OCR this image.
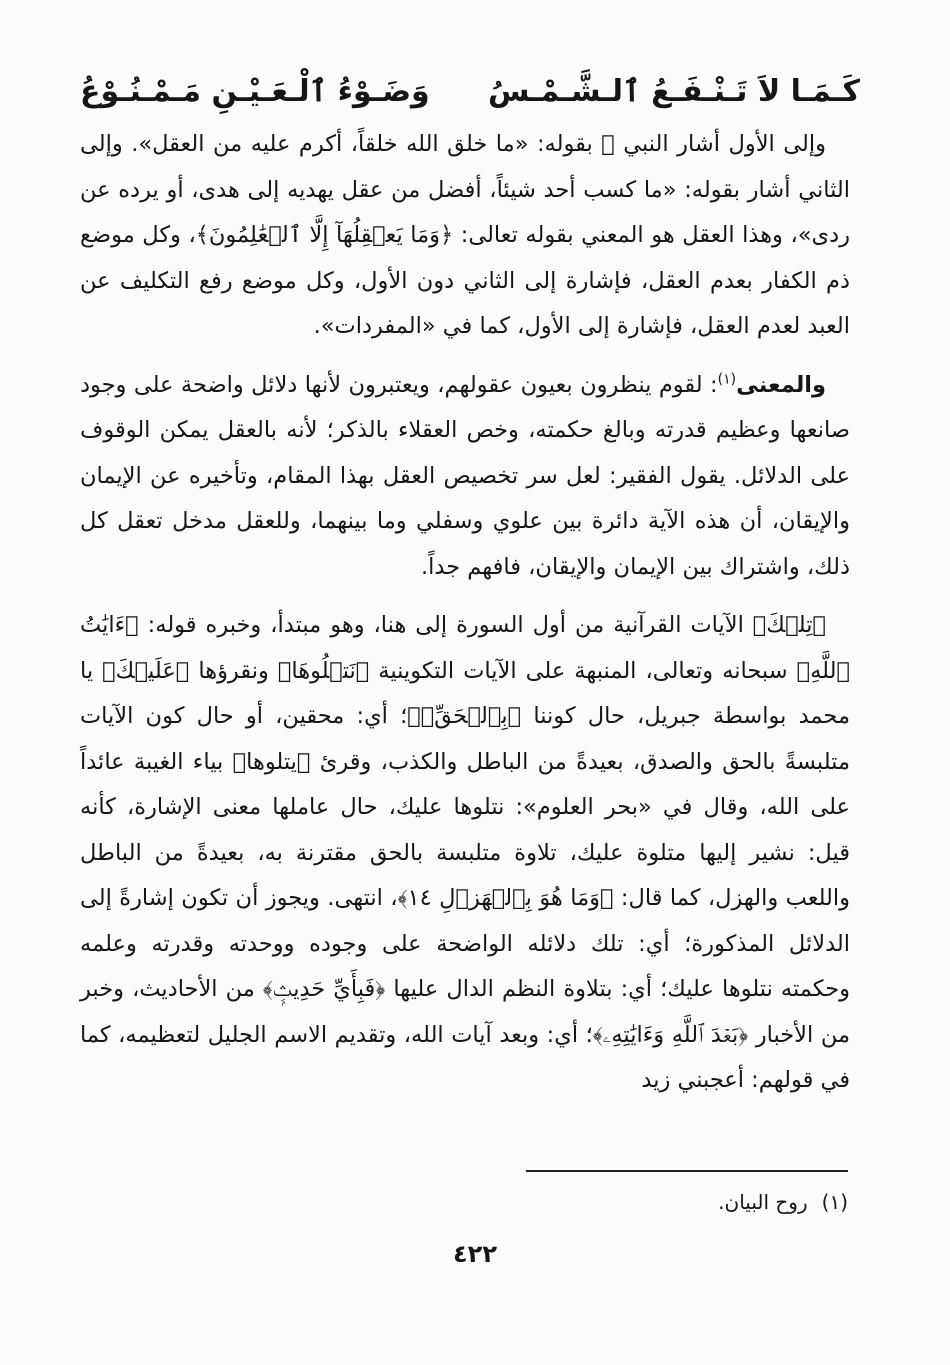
كَـمَـا لاَ تَـنْـفَـعُ ٱلـشَّـمْـسُ
وَضَـوْءُ ٱلْـعَـيْـنِ مَـمْـنُـوْعُ

وإلى الأول أشار النبي ﷺ بقوله: «ما خلق الله خلقاً، أكرم عليه من العقل». وإلى الثاني أشار بقوله: «ما كسب أحد شيئاً، أفضل من عقل يهديه إلى هدى، أو يرده عن ردى»، وهذا العقل هو المعني بقوله تعالى: ﴿وَمَا يَعۡقِلُهَآ إِلَّا ٱلۡعَٰلِمُونَ﴾، وكل موضع ذم الكفار بعدم العقل، فإشارة إلى الثاني دون الأول، وكل موضع رفع التكليف عن العبد لعدم العقل، فإشارة إلى الأول، كما في «المفردات».

والمعنى$^{(١)}$: لقوم ينظرون بعيون عقولهم، ويعتبرون لأنها دلائل واضحة على وجود صانعها وعظيم قدرته وبالغ حكمته، وخص العقلاء بالذكر؛ لأنه بالعقل يمكن الوقوف على الدلائل. يقول الفقير: لعل سر تخصيص العقل بهذا المقام، وتأخيره عن الإيمان والإيقان، أن هذه الآية دائرة بين علوي وسفلي وما بينهما، وللعقل مدخل تعقل كل ذلك، واشتراك بين الإيمان والإيقان، فافهم جداً.

﴿تِلۡكَ﴾ الآيات القرآنية من أول السورة إلى هنا، وهو مبتدأ، وخبره قوله: ﴿ءَايَٰتُ ٱللَّهِ﴾ سبحانه وتعالى، المنبهة على الآيات التكوينية ﴿نَتۡلُوهَا﴾ ونقرؤها ﴿عَلَيۡكَ﴾ يا محمد بواسطة جبريل، حال كوننا ﴿بِٱلۡحَقِّۖ﴾؛ أي: محقين، أو حال كون الآيات متلبسةً بالحق والصدق، بعيدةً من الباطل والكذب، وقرئ ﴿يتلوها﴾ بياء الغيبة عائداً على الله، وقال في «بحر العلوم»: نتلوها عليك، حال عاملها معنى الإشارة، كأنه قيل: نشير إليها متلوة عليك، تلاوة متلبسة بالحق مقترنة به، بعيدةً من الباطل واللعب والهزل، كما قال: ﴿وَمَا هُوَ بِٱلۡهَزۡلِ ١٤﴾، انتهى. ويجوز أن تكون إشارةً إلى الدلائل المذكورة؛ أي: تلك دلائله الواضحة على وجوده ووحدته وقدرته وعلمه وحكمته نتلوها عليك؛ أي: بتلاوة النظم الدال عليها ﴿فَبِأَيِّ حَدِيثِۭ﴾ من الأحاديث، وخبر من الأخبار ﴿بَعۡدَ ٱللَّهِ وَءَايَٰتِهِۦ﴾؛ أي: وبعد آيات الله، وتقديم الاسم الجليل لتعظيمه، كما في قولهم: أعجبني زيد

(١)روح البيان.
٤٢٢
